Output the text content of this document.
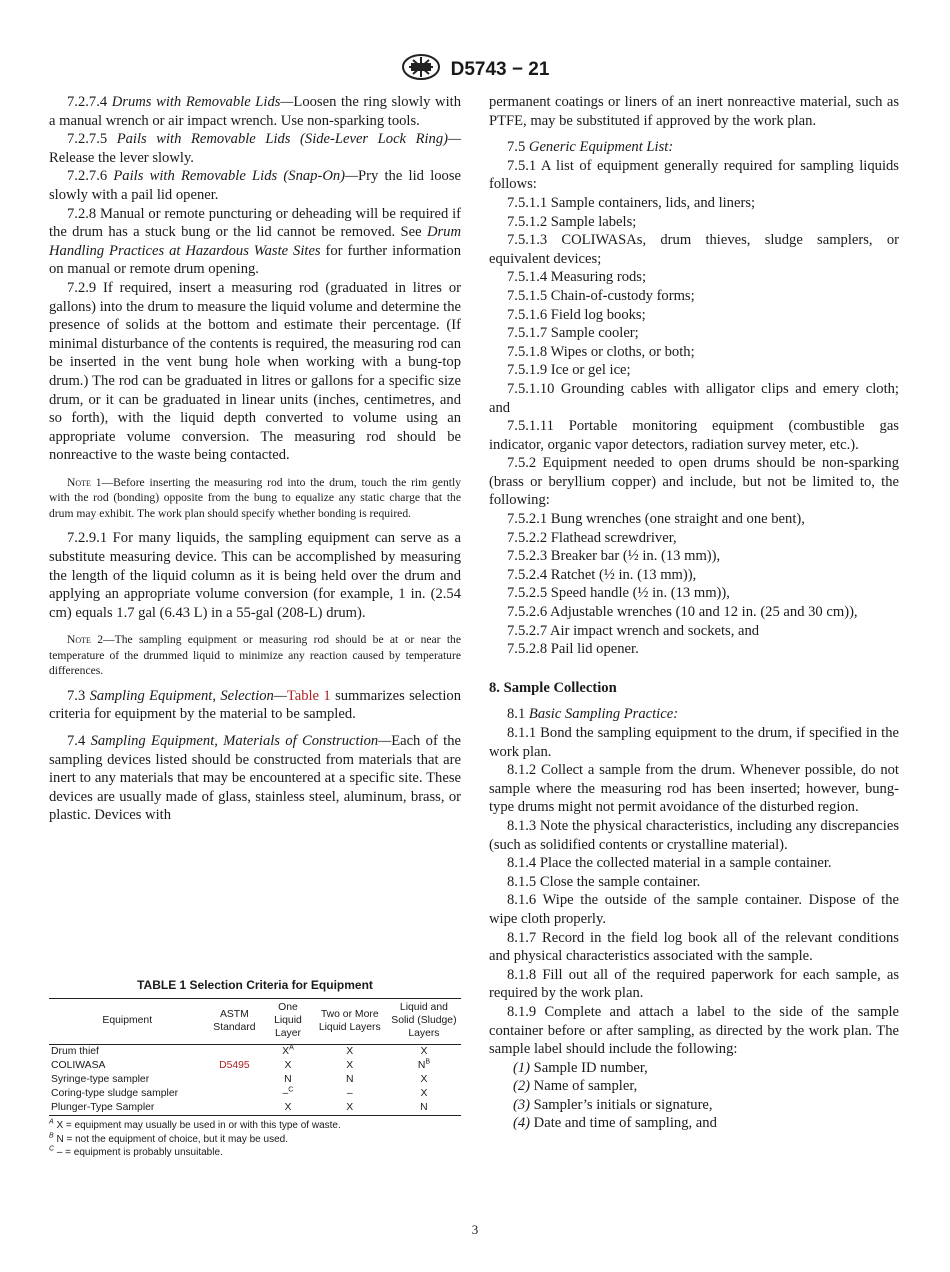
D5743 − 21

7.2.7.4 Drums with Removable Lids—Loosen the ring slowly with a manual wrench or air impact wrench. Use non-sparking tools.

7.2.7.5 Pails with Removable Lids (Side-Lever Lock Ring)—Release the lever slowly.

7.2.7.6 Pails with Removable Lids (Snap-On)—Pry the lid loose slowly with a pail lid opener.

7.2.8 Manual or remote puncturing or deheading will be required if the drum has a stuck bung or the lid cannot be removed. See Drum Handling Practices at Hazardous Waste Sites for further information on manual or remote drum opening.

7.2.9 If required, insert a measuring rod (graduated in litres or gallons) into the drum to measure the liquid volume and determine the presence of solids at the bottom and estimate their percentage. (If minimal disturbance of the contents is required, the measuring rod can be inserted in the vent bung hole when working with a bung-top drum.) The rod can be graduated in litres or gallons for a specific size drum, or it can be graduated in linear units (inches, centimetres, and so forth), with the liquid depth converted to volume using an appropriate volume conversion. The measuring rod should be nonreactive to the waste being contacted.

Note 1—Before inserting the measuring rod into the drum, touch the rim gently with the rod (bonding) opposite from the bung to equalize any static charge that the drum may exhibit. The work plan should specify whether bonding is required.

7.2.9.1 For many liquids, the sampling equipment can serve as a substitute measuring device. This can be accomplished by measuring the length of the liquid column as it is being held over the drum and applying an appropriate volume conversion (for example, 1 in. (2.54 cm) equals 1.7 gal (6.43 L) in a 55-gal (208-L) drum).

Note 2—The sampling equipment or measuring rod should be at or near the temperature of the drummed liquid to minimize any reaction caused by temperature differences.

7.3 Sampling Equipment, Selection—Table 1 summarizes selection criteria for equipment by the material to be sampled.

7.4 Sampling Equipment, Materials of Construction—Each of the sampling devices listed should be constructed from materials that are inert to any materials that may be encountered at a specific site. These devices are usually made of glass, stainless steel, aluminum, brass, or plastic. Devices with

TABLE 1 Selection Criteria for Equipment
Equipment	ASTM Standard	One Liquid Layer	Two or More Liquid Layers	Liquid and Solid (Sludge) Layers
Drum thief		$X^A$	X	X
COLIWASA	D5495	X	X	$N^B$
Syringe-type sampler		N	N	X
Coring-type sludge sampler		–$^C$	–	X
Plunger-Type Sampler		X	X	N
$^A$ X = equipment may usually be used in or with this type of waste.
$^B$ N = not the equipment of choice, but it may be used.
$^C$ – = equipment is probably unsuitable.

permanent coatings or liners of an inert nonreactive material, such as PTFE, may be substituted if approved by the work plan.

7.5 Generic Equipment List:

7.5.1 A list of equipment generally required for sampling liquids follows:

7.5.1.1 Sample containers, lids, and liners;

7.5.1.2 Sample labels;

7.5.1.3 COLIWASAs, drum thieves, sludge samplers, or equivalent devices;

7.5.1.4 Measuring rods;

7.5.1.5 Chain-of-custody forms;

7.5.1.6 Field log books;

7.5.1.7 Sample cooler;

7.5.1.8 Wipes or cloths, or both;

7.5.1.9 Ice or gel ice;

7.5.1.10 Grounding cables with alligator clips and emery cloth; and

7.5.1.11 Portable monitoring equipment (combustible gas indicator, organic vapor detectors, radiation survey meter, etc.).

7.5.2 Equipment needed to open drums should be non-sparking (brass or beryllium copper) and include, but not be limited to, the following:

7.5.2.1 Bung wrenches (one straight and one bent),

7.5.2.2 Flathead screwdriver,

7.5.2.3 Breaker bar (½ in. (13 mm)),

7.5.2.4 Ratchet (½ in. (13 mm)),

7.5.2.5 Speed handle (½ in. (13 mm)),

7.5.2.6 Adjustable wrenches (10 and 12 in. (25 and 30 cm)),

7.5.2.7 Air impact wrench and sockets, and

7.5.2.8 Pail lid opener.

8. Sample Collection

8.1 Basic Sampling Practice:

8.1.1 Bond the sampling equipment to the drum, if specified in the work plan.

8.1.2 Collect a sample from the drum. Whenever possible, do not sample where the measuring rod has been inserted; however, bung-type drums might not permit avoidance of the disturbed region.

8.1.3 Note the physical characteristics, including any discrepancies (such as solidified contents or crystalline material).

8.1.4 Place the collected material in a sample container.

8.1.5 Close the sample container.

8.1.6 Wipe the outside of the sample container. Dispose of the wipe cloth properly.

8.1.7 Record in the field log book all of the relevant conditions and physical characteristics associated with the sample.

8.1.8 Fill out all of the required paperwork for each sample, as required by the work plan.

8.1.9 Complete and attach a label to the side of the sample container before or after sampling, as directed by the work plan. The sample label should include the following:

(1) Sample ID number,

(2) Name of sampler,

(3) Sampler’s initials or signature,

(4) Date and time of sampling, and

3
